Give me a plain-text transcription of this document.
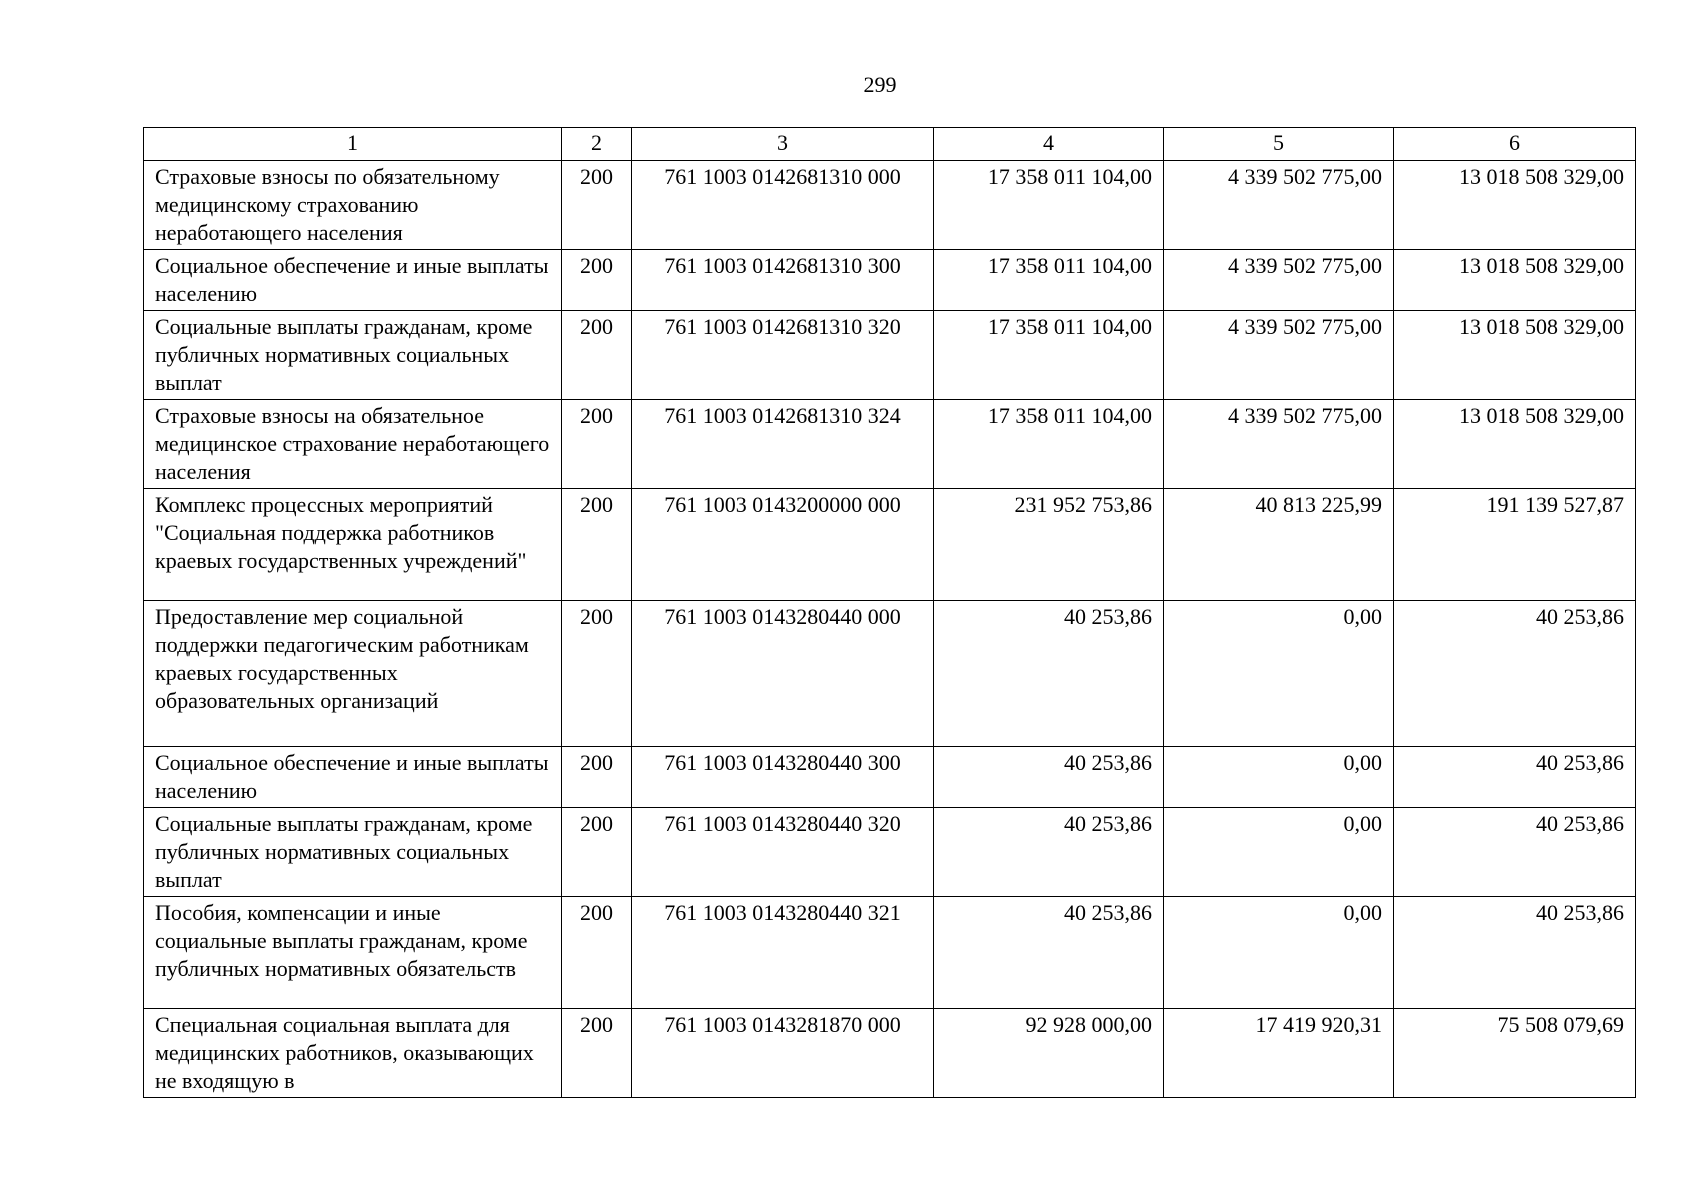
299
1	2	3	4	5	6
Страховые взносы по обязательному медицинскому страхованию неработающего населения	200	761 1003 0142681310 000	17 358 011 104,00	4 339 502 775,00	13 018 508 329,00
Социальное обеспечение и иные выплаты населению	200	761 1003 0142681310 300	17 358 011 104,00	4 339 502 775,00	13 018 508 329,00
Социальные выплаты гражданам, кроме публичных нормативных социальных выплат	200	761 1003 0142681310 320	17 358 011 104,00	4 339 502 775,00	13 018 508 329,00
Страховые взносы на обязательное медицинское страхование неработающего населения	200	761 1003 0142681310 324	17 358 011 104,00	4 339 502 775,00	13 018 508 329,00
Комплекс процессных мероприятий "Социальная поддержка работников краевых государственных учреждений"	200	761 1003 0143200000 000	231 952 753,86	40 813 225,99	191 139 527,87
Предоставление мер социальной поддержки педагогическим работникам краевых государственных образовательных организаций	200	761 1003 0143280440 000	40 253,86	0,00	40 253,86
Социальное обеспечение и иные выплаты населению	200	761 1003 0143280440 300	40 253,86	0,00	40 253,86
Социальные выплаты гражданам, кроме публичных нормативных социальных выплат	200	761 1003 0143280440 320	40 253,86	0,00	40 253,86
Пособия, компенсации и иные социальные выплаты гражданам, кроме публичных нормативных обязательств	200	761 1003 0143280440 321	40 253,86	0,00	40 253,86
Специальная социальная выплата для медицинских работников, оказывающих не входящую в	200	761 1003 0143281870 000	92 928 000,00	17 419 920,31	75 508 079,69
